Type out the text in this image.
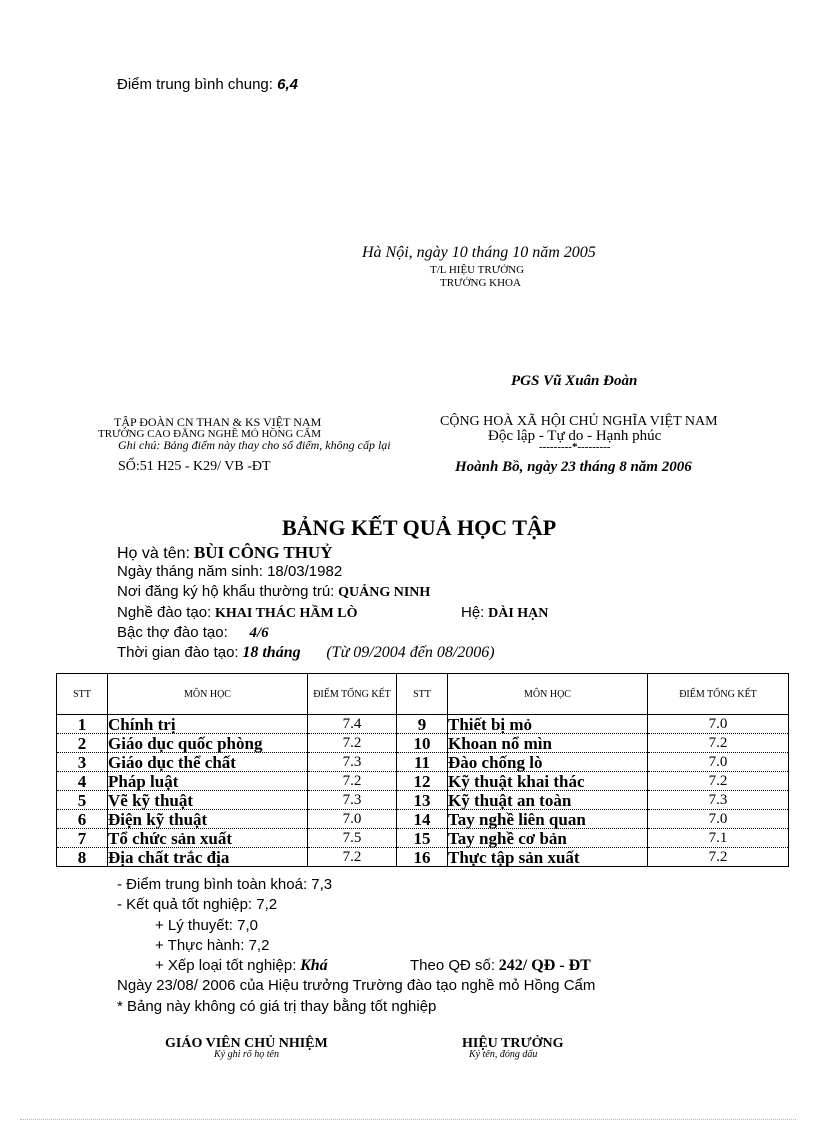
Điểm trung bình chung: 6,4
Hà Nội, ngày 10 tháng 10 năm 2005
T/L HIỆU TRƯỞNG
TRƯỞNG KHOA
PGS Vũ Xuân Đoàn
TẬP ĐOÀN CN THAN & KS VIỆT NAM
TRƯỜNG CAO ĐẲNG NGHỀ MỎ HỒNG CẨM
Ghi chú: Bảng điểm này thay cho sổ điểm, không cấp lại
SỐ:51 H25 - K29/ VB -ĐT
CỘNG HOÀ XÃ HỘI CHỦ NGHĨA VIỆT NAM
Độc lập - Tự do - Hạnh phúc
---------*---------
Hoành Bồ, ngày 23 tháng 8 năm 2006
BẢNG KẾT QUẢ HỌC TẬP
Họ và tên: BÙI CÔNG THUỶ
Ngày tháng năm sinh: 18/03/1982
Nơi đăng ký hộ khẩu thường trú: QUẢNG NINH
Nghề đào tạo: KHAI THÁC HẦM LÒ	Hệ: DÀI HẠN
Bậc thợ đào tạo: 4/6
Thời gian đào tạo: 18 tháng (Từ 09/2004 đến 08/2006)
STT	MÔN HỌC	ĐIỂM TỔNG KẾT	STT	MÔN HỌC	ĐIỂM TỔNG KẾT
1	Chính trị	7.4	9	Thiết bị mỏ	7.0
2	Giáo dục quốc phòng	7.2	10	Khoan nổ mìn	7.2
3	Giáo dục thể chất	7.3	11	Đào chống lò	7.0
4	Pháp luật	7.2	12	Kỹ thuật khai thác	7.2
5	Vẽ kỹ thuật	7.3	13	Kỹ thuật an toàn	7.3
6	Điện kỹ thuật	7.0	14	Tay nghề liên quan	7.0
7	Tổ chức sản xuất	7.5	15	Tay nghề cơ bản	7.1
8	Địa chất trắc địa	7.2	16	Thực tập sản xuất	7.2
- Điểm trung bình toàn khoá: 7,3
- Kết quả tốt nghiệp: 7,2
+ Lý thuyết: 7,0
+ Thực hành: 7,2
+ Xếp loại tốt nghiệp: Khá	Theo QĐ số: 242/ QĐ - ĐT
Ngày 23/08/ 2006 của Hiệu trưởng Trường đào tạo nghề mỏ Hồng Cẩm
* Bảng này không có giá trị thay bằng tốt nghiệp
GIÁO VIÊN CHỦ NHIỆM
Ký ghi rõ họ tên
HIỆU TRƯỞNG
Ký tên, đóng dấu
